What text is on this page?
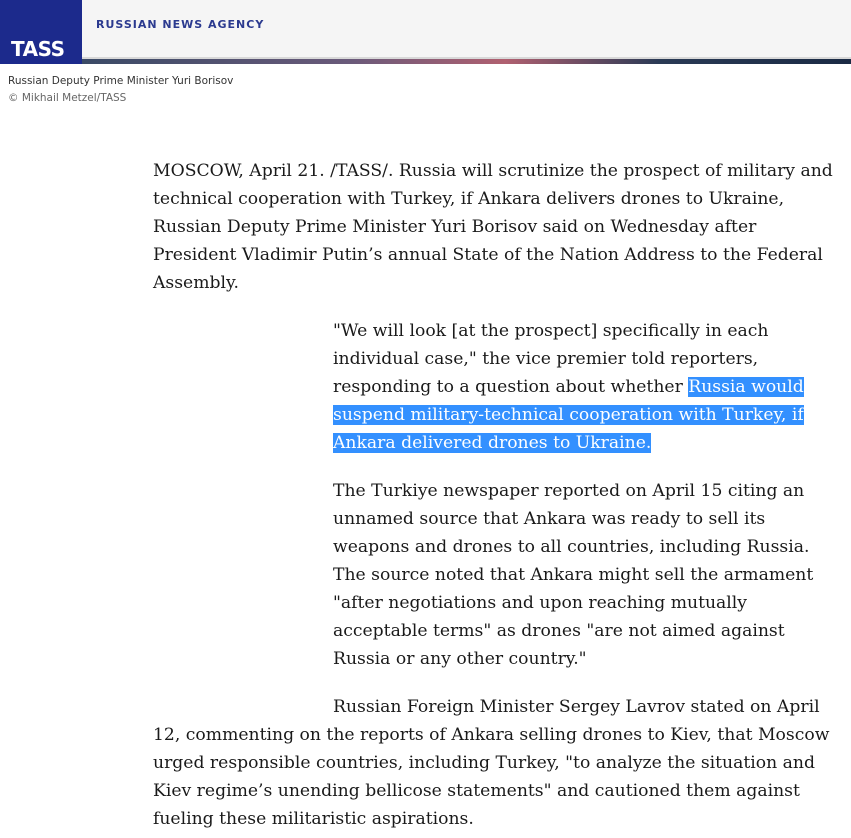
TASS
RUSSIAN NEWS AGENCY
Russian Deputy Prime Minister Yuri Borisov
© Mikhail Metzel/TASS

MOSCOW, April 21. /TASS/. Russia will scrutinize the prospect of military and technical cooperation with Turkey, if Ankara delivers drones to Ukraine, Russian Deputy Prime Minister Yuri Borisov said on Wednesday after President Vladimir Putin’s annual State of the Nation Address to the Federal Assembly.

"We will look [at the prospect] specifically in each individual case," the vice premier told reporters, responding to a question about whether Russia would suspend military-technical cooperation with Turkey, if Ankara delivered drones to Ukraine.

The Turkiye newspaper reported on April 15 citing an unnamed source that Ankara was ready to sell its weapons and drones to all countries, including Russia. The source noted that Ankara might sell the armament "after negotiations and upon reaching mutually acceptable terms" as drones "are not aimed against Russia or any other country."

Russian Foreign Minister Sergey Lavrov stated on April 12, commenting on the reports of Ankara selling drones to Kiev, that Moscow urged responsible countries, including Turkey, "to analyze the situation and Kiev regime’s unending bellicose statements" and cautioned them against fueling these militaristic aspirations.
